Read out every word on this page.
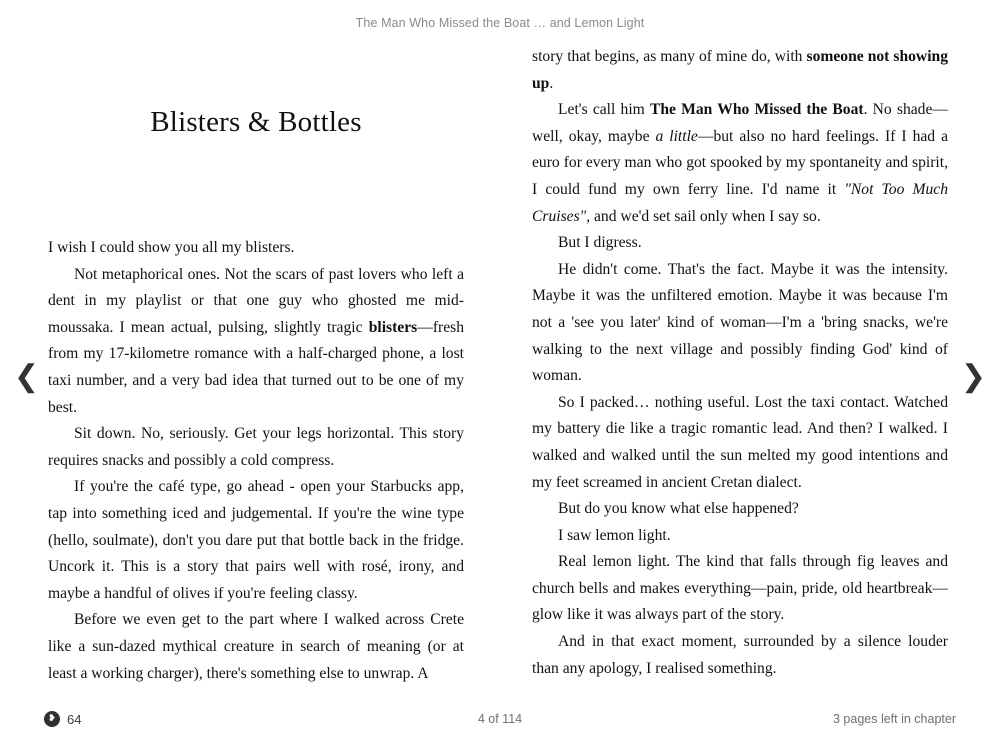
The Man Who Missed the Boat … and Lemon Light
❮	❯
Blisters & Bottles

I wish I could show you all my blisters.

Not metaphorical ones. Not the scars of past lovers who left a dent in my playlist or that one guy who ghosted me mid-moussaka. I mean actual, pulsing, slightly tragic blisters—fresh from my 17-kilometre romance with a half-charged phone, a lost taxi number, and a very bad idea that turned out to be one of my best.

Sit down. No, seriously. Get your legs horizontal. This story requires snacks and possibly a cold compress.

If you're the café type, go ahead - open your Starbucks app, tap into something iced and judgemental. If you're the wine type (hello, soulmate), don't you dare put that bottle back in the fridge. Uncork it. This is a story that pairs well with rosé, irony, and maybe a handful of olives if you're feeling classy.

Before we even get to the part where I walked across Crete like a sun-dazed mythical creature in search of meaning (or at least a working charger), there's something else to unwrap. A

story that begins, as many of mine do, with someone not showing up.

Let's call him The Man Who Missed the Boat. No shade—well, okay, maybe a little—but also no hard feelings. If I had a euro for every man who got spooked by my spontaneity and spirit, I could fund my own ferry line. I'd name it "Not Too Much Cruises", and we'd set sail only when I say so.

But I digress.

He didn't come. That's the fact. Maybe it was the intensity. Maybe it was the unfiltered emotion. Maybe it was because I'm not a 'see you later' kind of woman—I'm a 'bring snacks, we're walking to the next village and possibly finding God' kind of woman.

So I packed… nothing useful. Lost the taxi contact. Watched my battery die like a tragic romantic lead. And then? I walked. I walked and walked until the sun melted my good intentions and my feet screamed in ancient Cretan dialect.

But do you know what else happened?

I saw lemon light.

Real lemon light. The kind that falls through fig leaves and church bells and makes everything—pain, pride, old heartbreak—glow like it was always part of the story.

And in that exact moment, surrounded by a silence louder than any apology, I realised something.

❥ 64	4 of 114	3 pages left in chapter
